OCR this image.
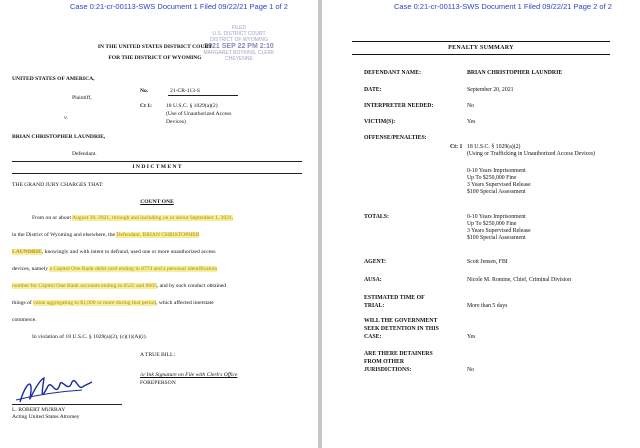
Case 0:21-cr-00113-SWS Document 1 Filed 09/22/21 Page 1 of 2
FILED
U.S. DISTRICT COURT
DISTRICT OF WYOMING
2021 SEP 22 PM 2:10
MARGARET BOTKINS, CLERK
CHEYENNE
IN THE UNITED STATES DISTRICT COURT
FOR THE DISTRICT OF WYOMING
UNITED STATES OF AMERICA,
Plaintiff,
v.
BRIAN CHRISTOPHER LAUNDRIE,
Defendant.
No.	21-CR-113-S
Ct 1:	18 U.S.C. § 1029(a)(2)
(Use of Unauthorized Access
Devices)
I N D I C T M E N T
THE GRAND JURY CHARGES THAT:
COUNT ONE
From on or about August 30, 2021, through and including on or about September 1, 2021,
in the District of Wyoming and elsewhere, the Defendant, BRIAN CHRISTOPHER
LAUNDRIE, knowingly and with intent to defraud, used one or more unauthorized access
devices, namely a Capitol One Bank debit card ending in 8774 and a personal identification
number for Capitol One Bank accounts ending in 0525 and 8665, and by such conduct obtained
things of value aggregating to $1,000 or more during that period, which affected interstate
commerce.
In violation of 18 U.S.C. § 1029(a)(2), (c)(1)(A)(i).
A TRUE BILL:
/s/ Ink Signature on File with Clerk's Office
FOREPERSON
L. ROBERT MURRAY
Acting United States Attorney
Case 0:21-cr-00113-SWS Document 1 Filed 09/22/21 Page 2 of 2
PENALTY SUMMARY
DEFENDANT NAME:	BRIAN CHRISTOPHER LAUNDRIE
DATE:	September 20, 2021
INTERPRETER NEEDED:	No
VICTIM(S):	Yes
OFFENSE/PENALTIES:
Ct: 1 18 U.S.C. § 1029(a)(2)
(Using or Trafficking in Unauthorized Access Devices)
0-10 Years Imprisonment
Up To $250,000 Fine
3 Years Supervised Release
$100 Special Assessment
TOTALS:	0-10 Years Imprisonment
Up To $250,000 Fine
3 Years Supervised Release
$100 Special Assessment
AGENT:	Scott Jensen, FBI
AUSA:	Nicole M. Romine, Chief, Criminal Division
ESTIMATED TIME OF
TRIAL:	More than 5 days
WILL THE GOVERNMENT
SEEK DETENTION IN THIS
CASE:	Yes
ARE THERE DETAINERS
FROM OTHER
JURISDICTIONS:	No
